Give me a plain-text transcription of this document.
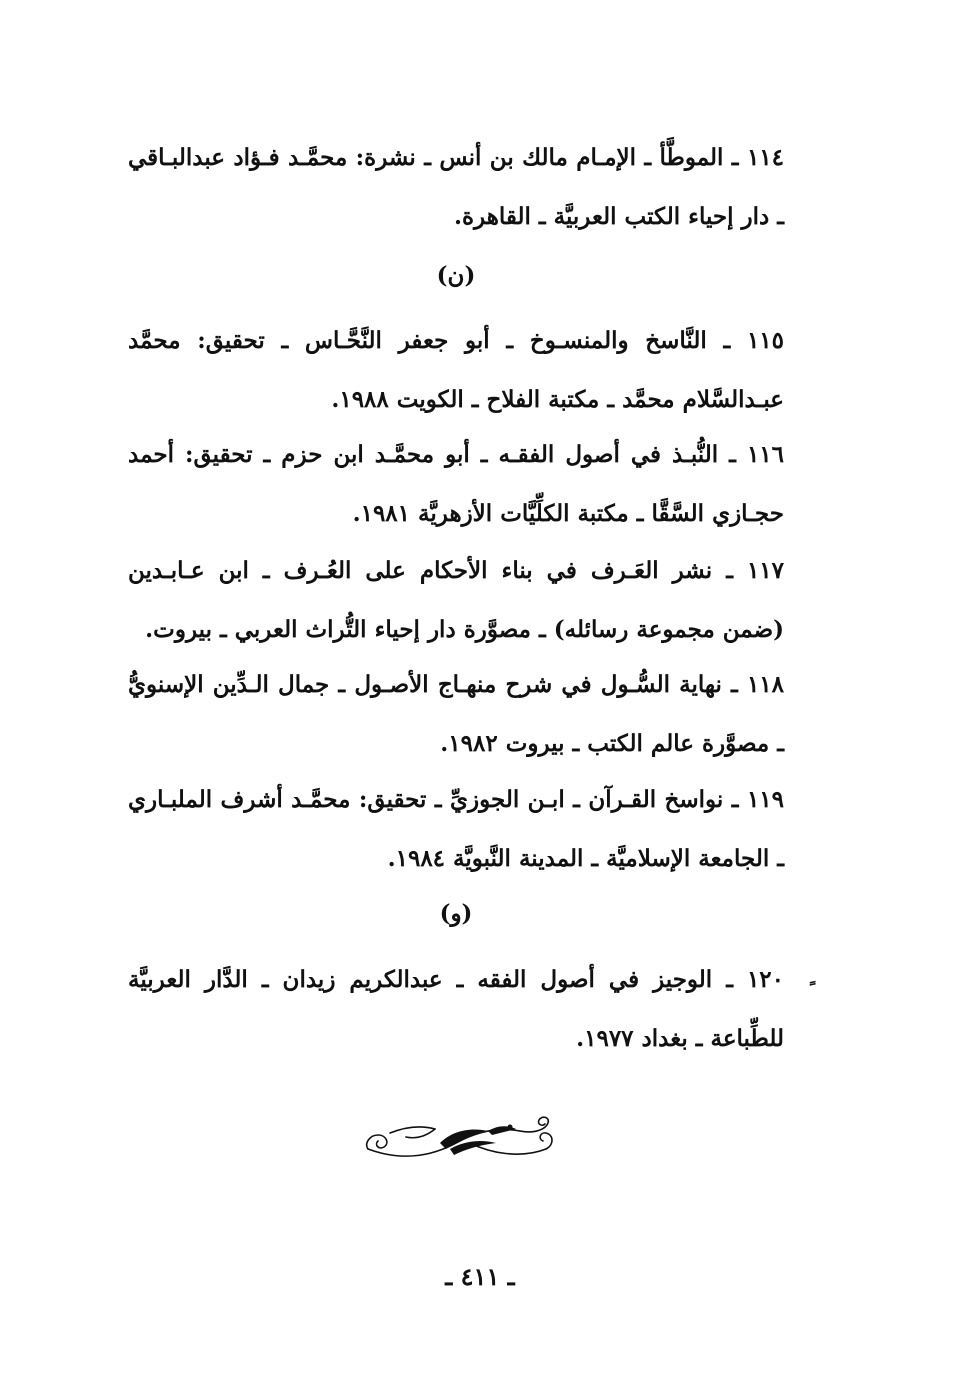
١١٤ ـ الموطَّأ ـ الإمـام مالك بن أنس ـ نشرة: محمَّـد فـؤاد عبدالبـاقي ـ دار إحياء الكتب العربيَّة ـ القاهرة.

(ن)

١١٥ ـ النَّاسخ والمنسـوخ ـ أبو جعفر النَّحَّـاس ـ تحقيق: محمَّد عبـدالسَّلام محمَّد ـ مكتبة الفلاح ـ الكويت ١٩٨٨.

١١٦ ـ النُّبـذ في أصول الفقـه ـ أبو محمَّـد ابن حزم ـ تحقيق: أحمد حجـازي السَّقَّا ـ مكتبة الكلِّيَّات الأزهريَّة ١٩٨١.

١١٧ ـ نشر العَـرف في بناء الأحكام على العُـرف ـ ابن عـابـدين (ضمن مجموعة رسائله) ـ مصوَّرة دار إحياء التُّراث العربي ـ بيروت.

١١٨ ـ نهاية السُّـول في شرح منهـاج الأصـول ـ جمال الـدِّين الإسنويُّ ـ مصوَّرة عالم الكتب ـ بيروت ١٩٨٢.

١١٩ ـ نواسخ القـرآن ـ ابـن الجوزيِّ ـ تحقيق: محمَّـد أشرف الملبـاري ـ الجامعة الإسلاميَّة ـ المدينة النَّبويَّة ١٩٨٤.

(و)

١٢٠ ـ الوجيز في أصول الفقه ـ عبدالكريم زيدان ـ الدَّار العربيَّة للطِّباعة ـ بغداد ١٩٧٧.

ﹰ
ـ ٤١١ ـ
